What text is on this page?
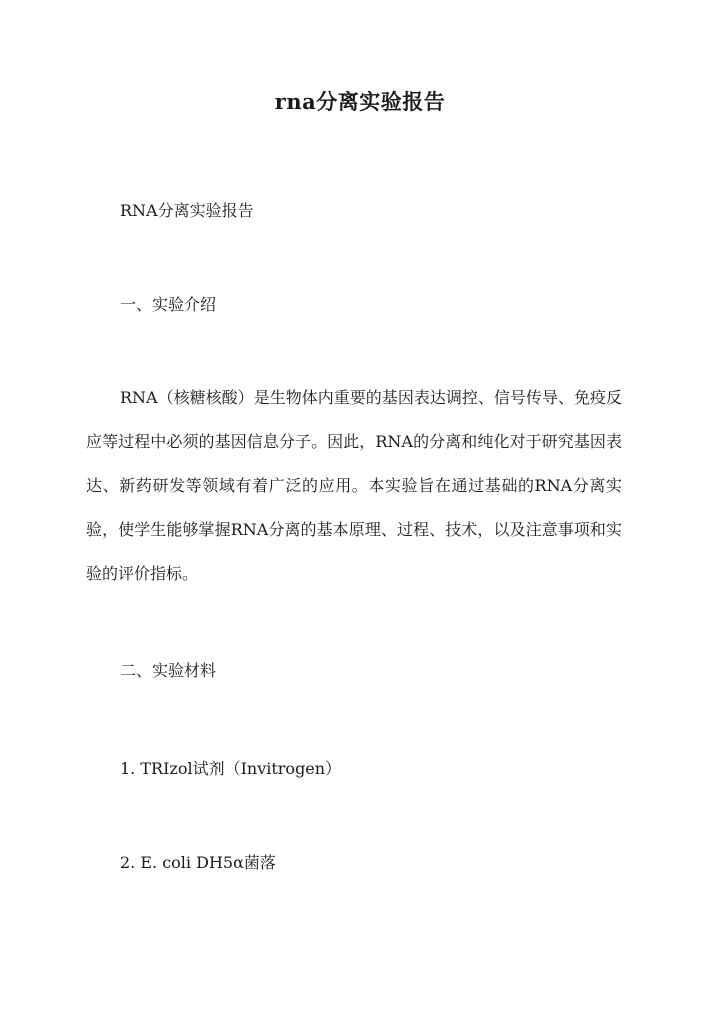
rna分离实验报告
RNA分离实验报告
一、实验介绍
RNA（核糖核酸）是生物体内重要的基因表达调控、信号传导、免疫反应等过程中必须的基因信息分子。因此，RNA的分离和纯化对于研究基因表达、新药研发等领域有着广泛的应用。本实验旨在通过基础的RNA分离实验，使学生能够掌握RNA分离的基本原理、过程、技术，以及注意事项和实验的评价指标。
二、实验材料
1. TRIzol试剂（Invitrogen）
2. E. coli DH5α菌落
